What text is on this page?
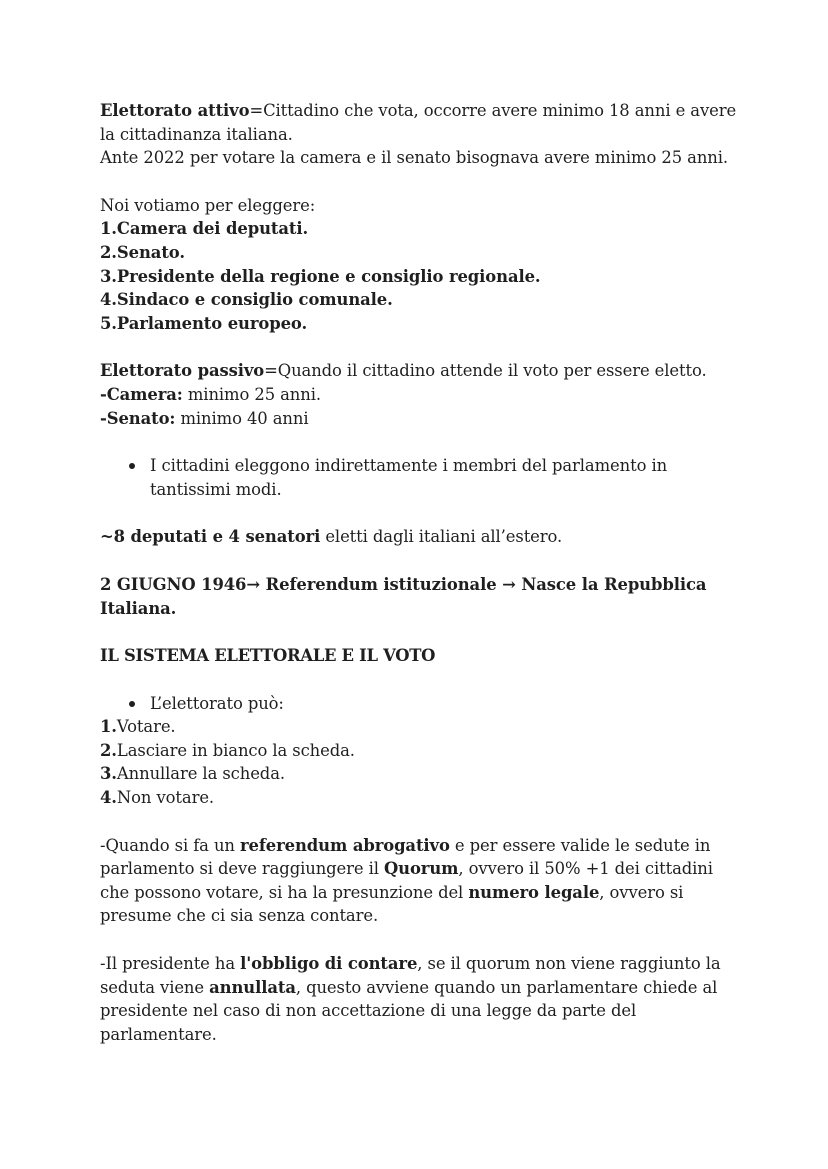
Elettorato attivo=Cittadino che vota, occorre avere minimo 18 anni e avere

la cittadinanza italiana.

Ante 2022 per votare la camera e il senato bisognava avere minimo 25 anni.

Noi votiamo per eleggere:

1.Camera dei deputati.

2.Senato.

3.Presidente della regione e consiglio regionale.

4.Sindaco e consiglio comunale.

5.Parlamento europeo.

Elettorato passivo=Quando il cittadino attende il voto per essere eletto.

-Camera: minimo 25 anni.

-Senato: minimo 40 anni

I cittadini eleggono indirettamente i membri del parlamento in

tantissimi modi.

~8 deputati e 4 senatori eletti dagli italiani all’estero.

2 GIUGNO 1946→ Referendum istituzionale → Nasce la Repubblica Italiana.

IL SISTEMA ELETTORALE E IL VOTO

L’elettorato può:

1.Votare.

2.Lasciare in bianco la scheda.

3.Annullare la scheda.

4.Non votare.

-Quando si fa un referendum abrogativo e per essere valide le sedute in

parlamento si deve raggiungere il Quorum, ovvero il 50% +1 dei cittadini

che possono votare, si ha la presunzione del numero legale, ovvero si

presume che ci sia senza contare.

-Il presidente ha l'obbligo di contare, se il quorum non viene raggiunto la

seduta viene annullata, questo avviene quando un parlamentare chiede al

presidente nel caso di non accettazione di una legge da parte del

parlamentare.
